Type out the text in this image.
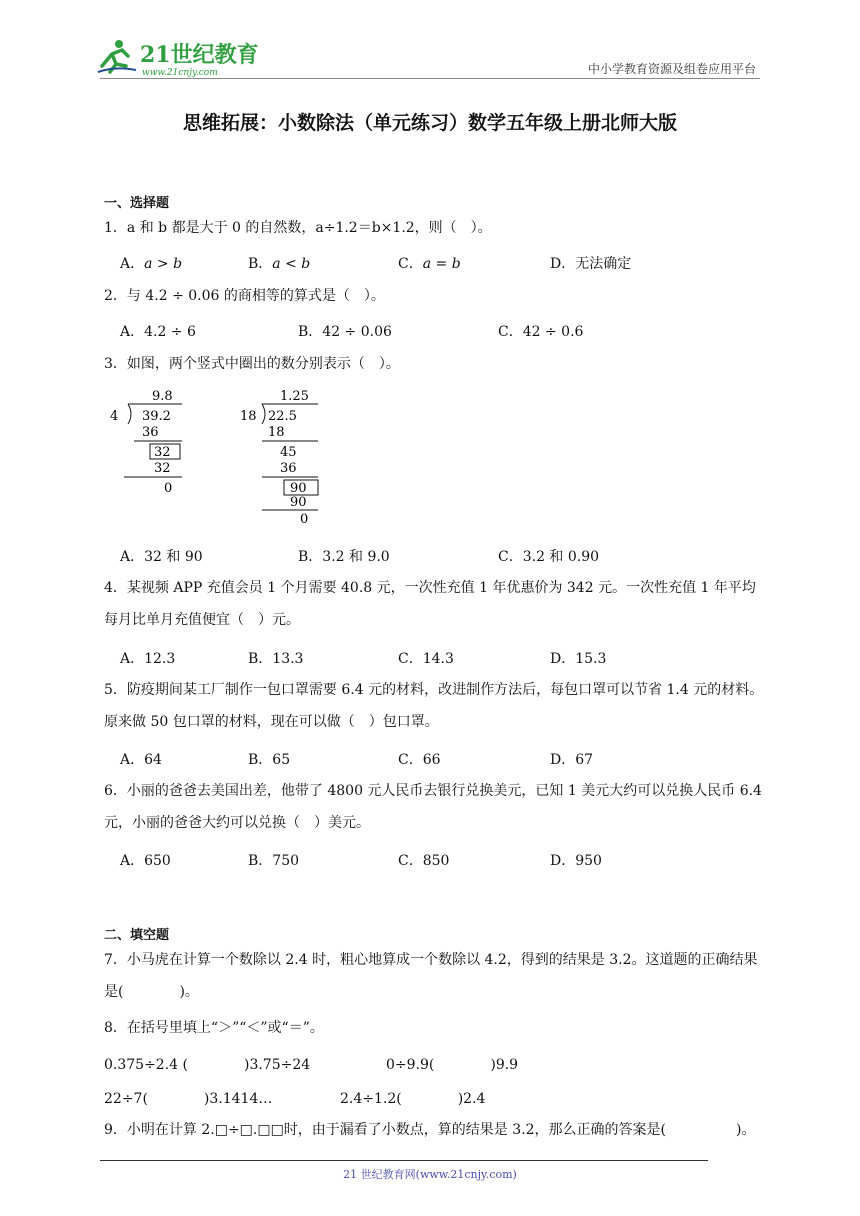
21世纪教育
www.21cnjy.com	中小学教育资源及组卷应用平台
思维拓展：小数除法（单元练习）数学五年级上册北师大版
一、选择题
1．a 和 b 都是大于 0 的自然数，a÷1.2＝b×1.2，则（　）。
A．a > b	B．a < b	C．a = b	D．无法确定
2．与 4.2 ÷ 0.06 的商相等的算式是（　）。
A．4.2 ÷ 6	B．42 ÷ 0.06	C．42 ÷ 0.6
3．如图，两个竖式中圈出的数分别表示（　）。
9.8
4 39.2
36
32
32
0
1.25
18 22.5
18
45
36
90
90
0
A．32 和 90	B．3.2 和 9.0	C．3.2 和 0.90
4．某视频 APP 充值会员 1 个月需要 40.8 元，一次性充值 1 年优惠价为 342 元。一次性充值 1 年平均每月比单月充值便宜（　）元。
A．12.3	B．13.3	C．14.3	D．15.3
5．防疫期间某工厂制作一包口罩需要 6.4 元的材料，改进制作方法后，每包口罩可以节省 1.4 元的材料。原来做 50 包口罩的材料，现在可以做（　）包口罩。
A．64	B．65	C．66	D．67
6．小丽的爸爸去美国出差，他带了 4800 元人民币去银行兑换美元，已知 1 美元大约可以兑换人民币 6.4 元，小丽的爸爸大约可以兑换（　）美元。
A．650	B．750	C．850	D．950
二、填空题
7．小马虎在计算一个数除以 2.4 时，粗心地算成一个数除以 4.2，得到的结果是 3.2。这道题的正确结果是(　　　　)。
8．在括号里填上“＞”“＜”或“＝”。
0.375÷2.4 (　　　　)3.75÷24	0÷9.9(　　　　)9.9
22÷7(　　　　)3.1414…	2.4÷1.2(　　　　)2.4
9．小明在计算 2.□÷□.□□时，由于漏看了小数点，算的结果是 3.2，那么正确的答案是(　　　　　)。
21 世纪教育网(www.21cnjy.com)
